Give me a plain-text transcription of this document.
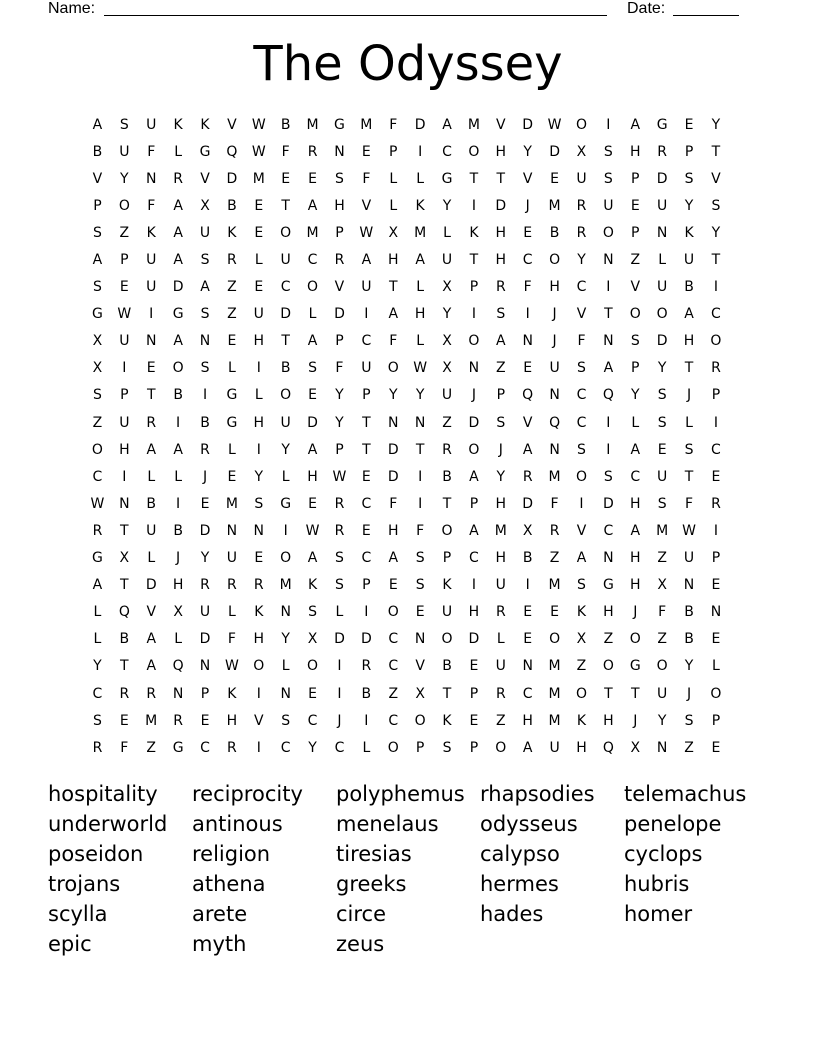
Name:	Date:
The Odyssey
A	S	U	K	K	V	W	B	M	G	M	F	D	A	M	V	D	W	O	I	A	G	E	Y
B	U	F	L	G	Q	W	F	R	N	E	P	I	C	O	H	Y	D	X	S	H	R	P	T
V	Y	N	R	V	D	M	E	E	S	F	L	L	G	T	T	V	E	U	S	P	D	S	V
P	O	F	A	X	B	E	T	A	H	V	L	K	Y	I	D	J	M	R	U	E	U	Y	S
S	Z	K	A	U	K	E	O	M	P	W	X	M	L	K	H	E	B	R	O	P	N	K	Y
A	P	U	A	S	R	L	U	C	R	A	H	A	U	T	H	C	O	Y	N	Z	L	U	T
S	E	U	D	A	Z	E	C	O	V	U	T	L	X	P	R	F	H	C	I	V	U	B	I
G	W	I	G	S	Z	U	D	L	D	I	A	H	Y	I	S	I	J	V	T	O	O	A	C
X	U	N	A	N	E	H	T	A	P	C	F	L	X	O	A	N	J	F	N	S	D	H	O
X	I	E	O	S	L	I	B	S	F	U	O	W	X	N	Z	E	U	S	A	P	Y	T	R
S	P	T	B	I	G	L	O	E	Y	P	Y	Y	U	J	P	Q	N	C	Q	Y	S	J	P
Z	U	R	I	B	G	H	U	D	Y	T	N	N	Z	D	S	V	Q	C	I	L	S	L	I
O	H	A	A	R	L	I	Y	A	P	T	D	T	R	O	J	A	N	S	I	A	E	S	C
C	I	L	L	J	E	Y	L	H	W	E	D	I	B	A	Y	R	M	O	S	C	U	T	E
W	N	B	I	E	M	S	G	E	R	C	F	I	T	P	H	D	F	I	D	H	S	F	R
R	T	U	B	D	N	N	I	W	R	E	H	F	O	A	M	X	R	V	C	A	M W	I
G	X	L	J	Y	U	E	O	A	S	C	A	S	P	C	H	B	Z	A	N	H	Z	U	P
A	T	D	H	R	R	R	M	K	S	P	E	S	K	I	U	I	M	S	G	H	X	N	E
L	Q	V	X	U	L	K	N	S	L	I	O	E	U	H	R	E	E	K	H	J	F	B	N
L	B	A	L	D	F	H	Y	X	D	D	C	N	O	D	L	E	O	X	Z	O	Z	B	E
Y	T	A	Q	N	W	O	L	O	I	R	C	V	B	E	U	N	M	Z	O	G	O	Y	L
C	R	R	N	P	K	I	N	E	I	B	Z	X	T	P	R	C	M	O	T	T	U	J	O
S	E	M	R	E	H	V	S	C	J	I	C	O	K	E	Z	H	M	K	H	J	Y	S	P
R	F	Z	G	C	R	I	C	Y	C	L	O	P	S	P	O	A	U	H	Q	X	N	Z	E
hospitality	reciprocity	polyphemus rhapsodies	telemachus
underworld	antinous	menelaus	odysseus	penelope
poseidon	religion	tiresias	calypso	cyclops
trojans	athena	greeks	hermes	hubris
scylla	arete	circe	hades	homer
epic	myth	zeus
